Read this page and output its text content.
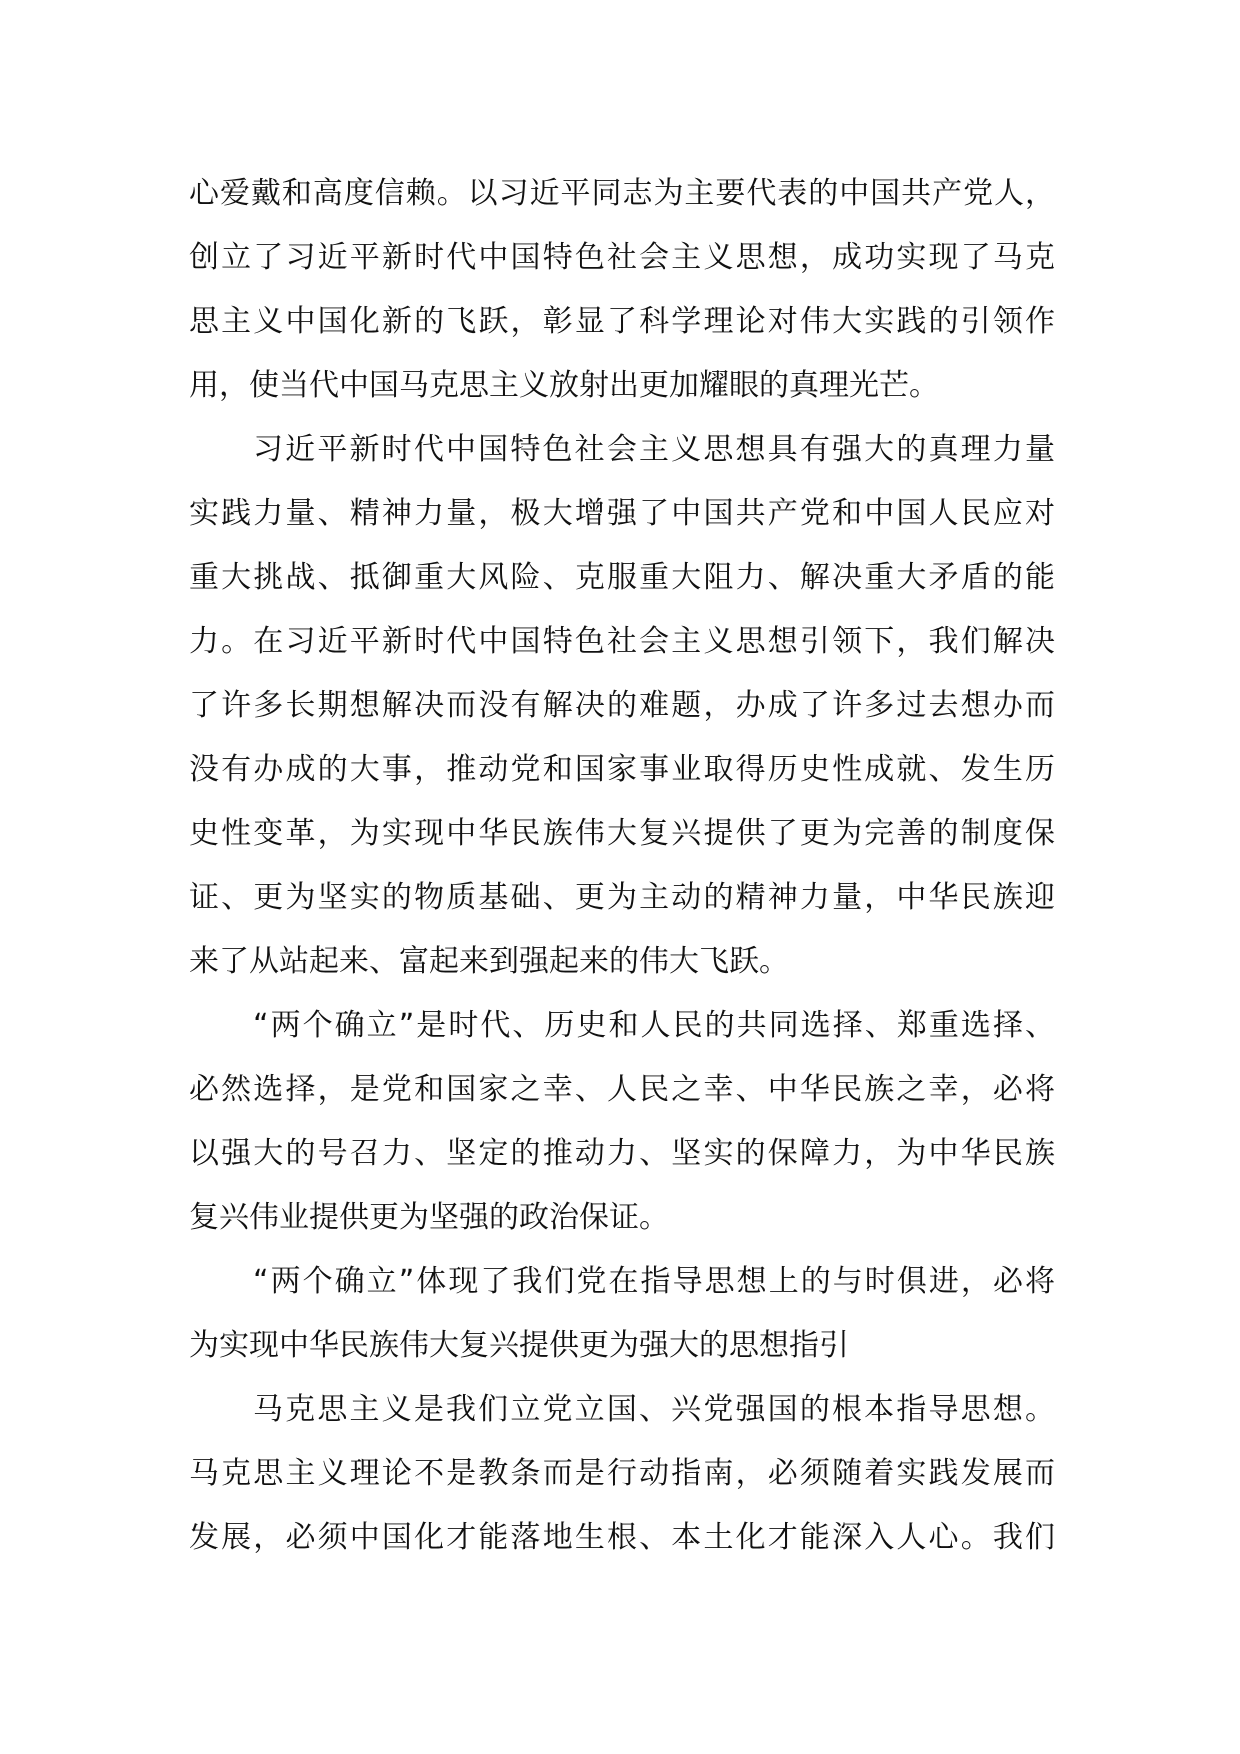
心爱戴和高度信赖。以习近平同志为主要代表的中国共产党人，
创立了习近平新时代中国特色社会主义思想，成功实现了马克
思主义中国化新的飞跃，彰显了科学理论对伟大实践的引领作
用，使当代中国马克思主义放射出更加耀眼的真理光芒。
习近平新时代中国特色社会主义思想具有强大的真理力量
实践力量、精神力量，极大增强了中国共产党和中国人民应对
重大挑战、抵御重大风险、克服重大阻力、解决重大矛盾的能
力。在习近平新时代中国特色社会主义思想引领下，我们解决
了许多长期想解决而没有解决的难题，办成了许多过去想办而
没有办成的大事，推动党和国家事业取得历史性成就、发生历
史性变革，为实现中华民族伟大复兴提供了更为完善的制度保
证、更为坚实的物质基础、更为主动的精神力量，中华民族迎
来了从站起来、富起来到强起来的伟大飞跃。
“两个确立”是时代、历史和人民的共同选择、郑重选择、
必然选择，是党和国家之幸、人民之幸、中华民族之幸，必将
以强大的号召力、坚定的推动力、坚实的保障力，为中华民族
复兴伟业提供更为坚强的政治保证。
“两个确立”体现了我们党在指导思想上的与时俱进，必将
为实现中华民族伟大复兴提供更为强大的思想指引
马克思主义是我们立党立国、兴党强国的根本指导思想。
马克思主义理论不是教条而是行动指南，必须随着实践发展而
发展，必须中国化才能落地生根、本土化才能深入人心。我们
